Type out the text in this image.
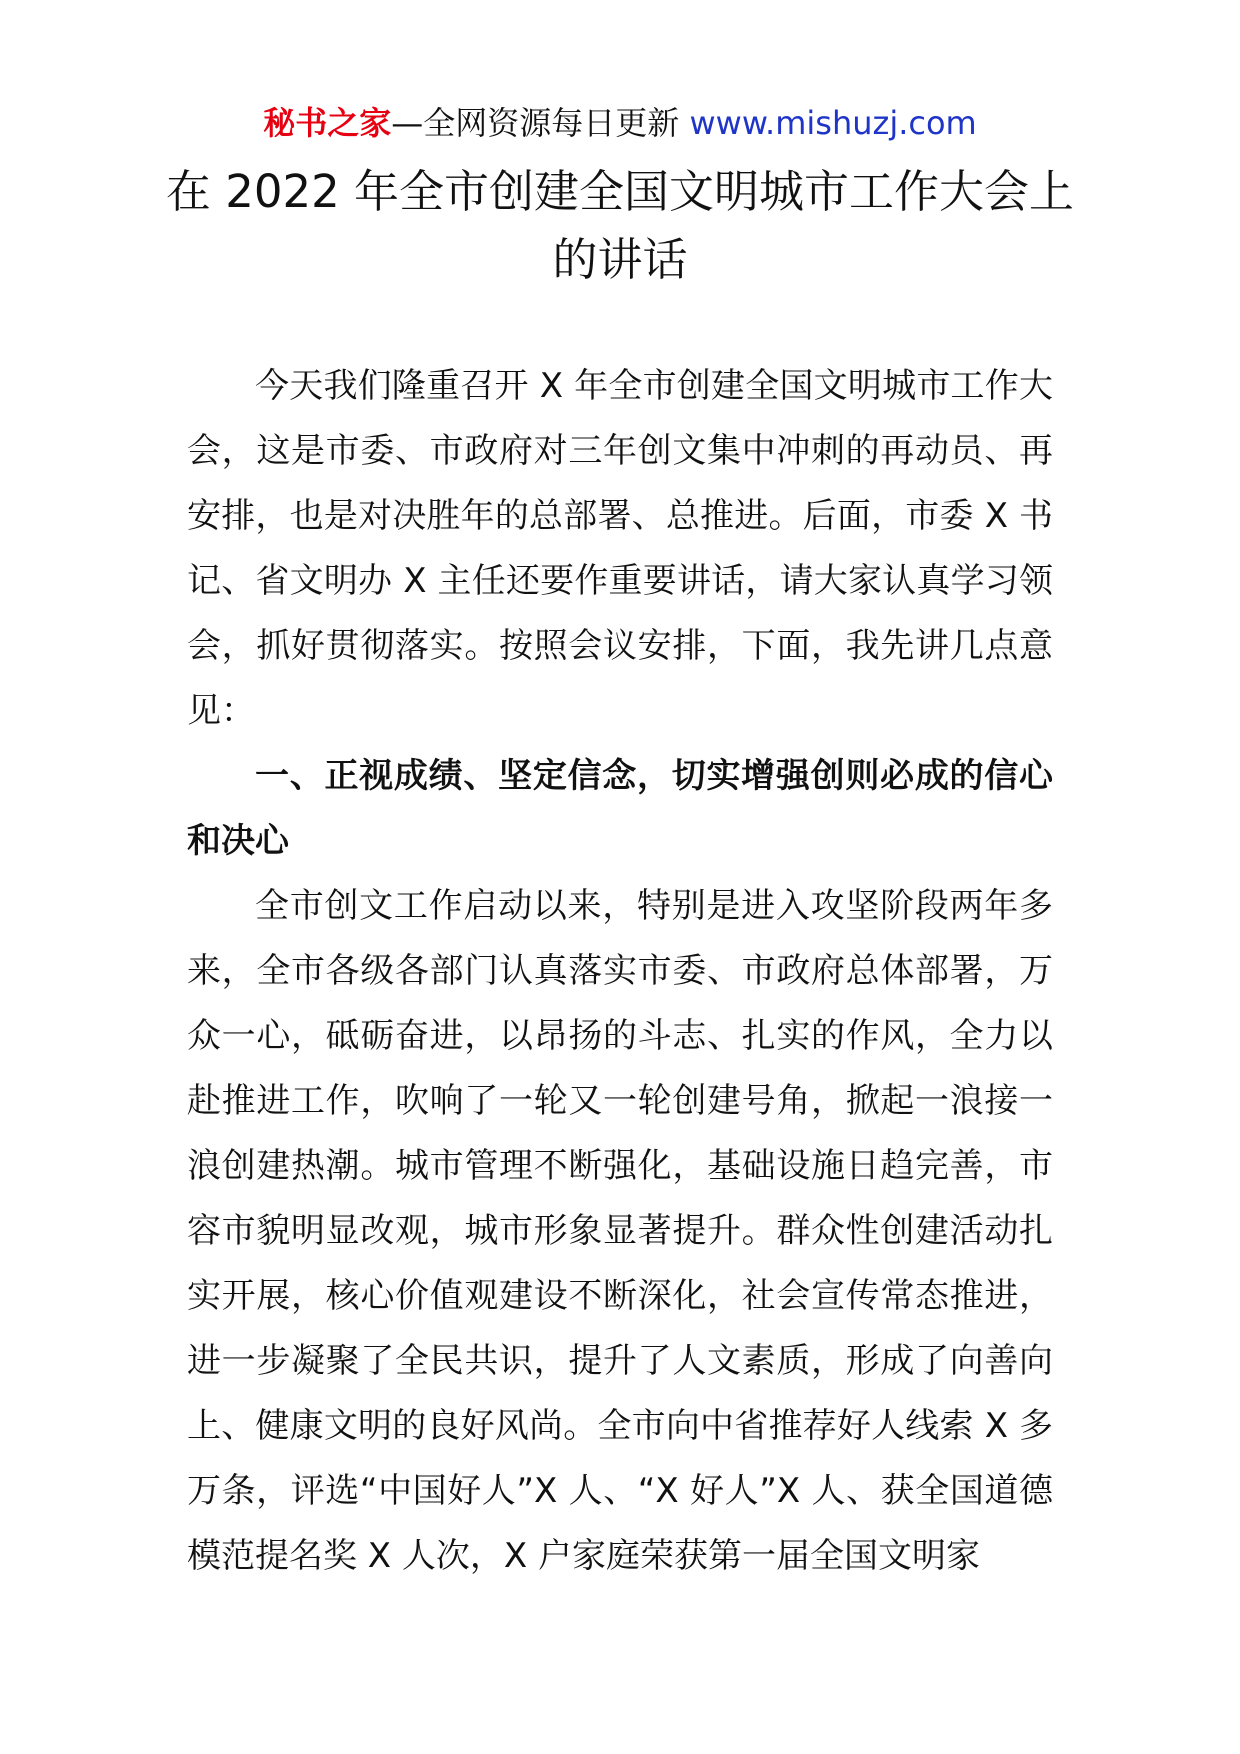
秘书之家—全网资源每日更新 www.mishuzj.com
在 2022 年全市创建全国文明城市工作大会上的讲话

今天我们隆重召开 X 年全市创建全国文明城市工作大会，这是市委、市政府对三年创文集中冲刺的再动员、再安排，也是对决胜年的总部署、总推进。后面，市委 X 书记、省文明办 X 主任还要作重要讲话，请大家认真学习领会，抓好贯彻落实。按照会议安排，下面，我先讲几点意见：

一、正视成绩、坚定信念，切实增强创则必成的信心和决心

全市创文工作启动以来，特别是进入攻坚阶段两年多来，全市各级各部门认真落实市委、市政府总体部署，万众一心，砥砺奋进，以昂扬的斗志、扎实的作风，全力以赴推进工作，吹响了一轮又一轮创建号角，掀起一浪接一浪创建热潮。城市管理不断强化，基础设施日趋完善，市容市貌明显改观，城市形象显著提升。群众性创建活动扎实开展，核心价值观建设不断深化，社会宣传常态推进，进一步凝聚了全民共识，提升了人文素质，形成了向善向上、健康文明的良好风尚。全市向中省推荐好人线索 X 多万条，评选“中国好人”X 人、“X 好人”X 人、获全国道德模范提名奖 X 人次，X 户家庭荣获第一届全国文明家
